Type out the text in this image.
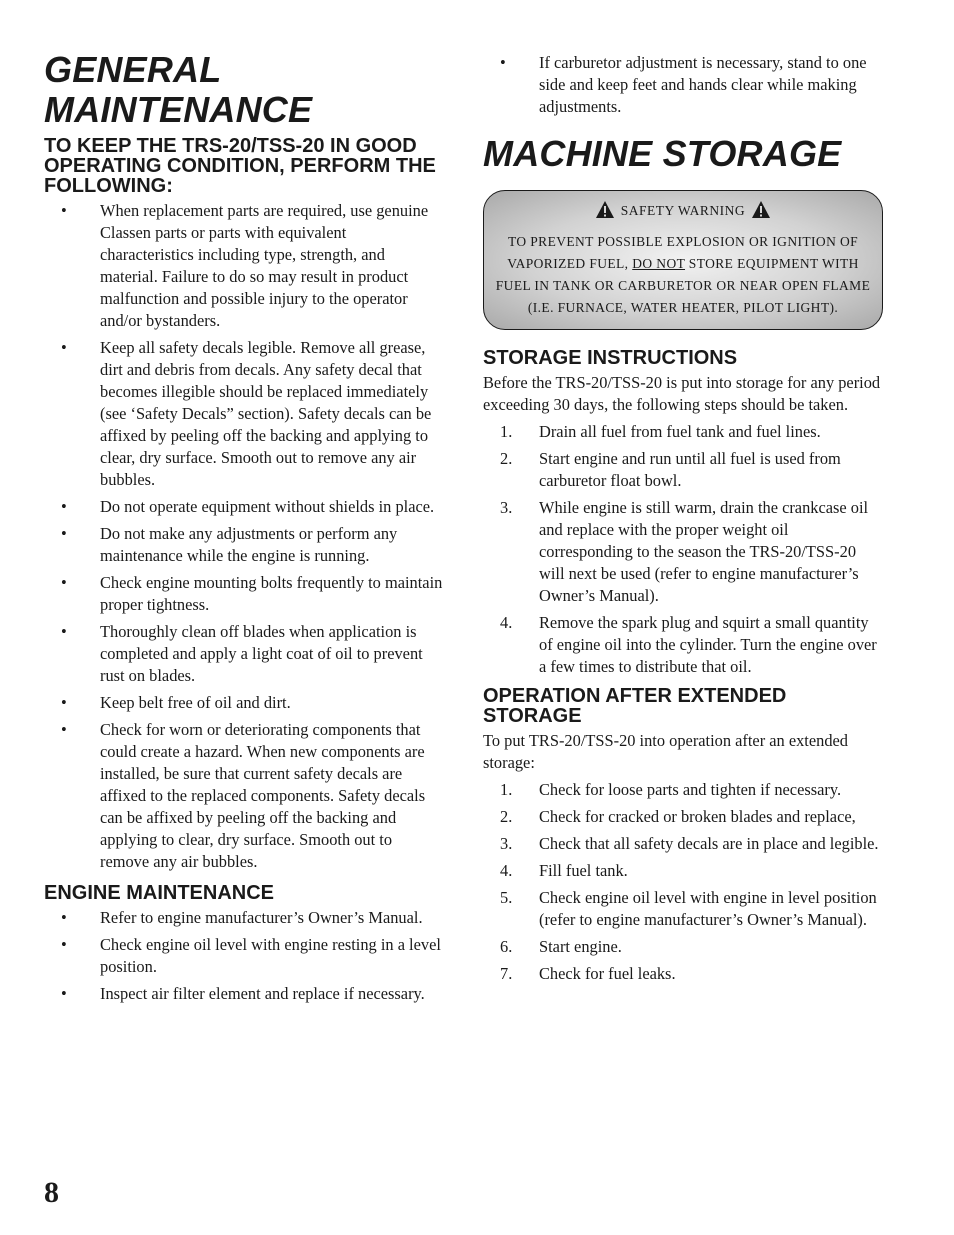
GENERAL
MAINTENANCE
TO KEEP THE TRS-20/TSS-20 IN GOOD OPERATING CONDITION, PERFORM THE FOLLOWING:
• When replacement parts are required, use genuine Classen parts or parts with equivalent characteristics including type, strength, and material. Failure to do so may result in product malfunction and possible injury to the operator and/or bystanders.
• Keep all safety decals legible. Remove all grease, dirt and debris from decals. Any safety decal that becomes illegible should be replaced immediately (see ‘Safety Decals” section). Safety decals can be affixed by peeling off the backing and applying to clear, dry surface. Smooth out to remove any air bubbles.
• Do not operate equipment without shields in place.
• Do not make any adjustments or perform any maintenance while the engine is running.
• Check engine mounting bolts frequently to maintain proper tightness.
• Thoroughly clean off blades when application is completed and apply a light coat of oil to prevent rust on blades.
• Keep belt free of oil and dirt.
• Check for worn or deteriorating components that could create a hazard. When new components are installed, be sure that current safety decals are affixed to the replaced components. Safety decals can be affixed by peeling off the backing and applying to clear, dry surface. Smooth out to remove any air bubbles.
ENGINE MAINTENANCE
• Refer to engine manufacturer’s Owner’s Manual.
• Check engine oil level with engine resting in a level position.
• Inspect air filter element and replace if necessary.
• If carburetor adjustment is necessary, stand to one side and keep feet and hands clear while making adjustments.
MACHINE STORAGE
SAFETY WARNING
TO PREVENT POSSIBLE EXPLOSION OR IGNITION OF VAPORIZED FUEL, DO NOT STORE EQUIPMENT WITH FUEL IN TANK OR CARBURETOR OR NEAR OPEN FLAME (I.E. FURNACE, WATER HEATER, PILOT LIGHT).
STORAGE INSTRUCTIONS

Before the TRS-20/TSS-20 is put into storage for any period exceeding 30 days, the following steps should be taken.

1. Drain all fuel from fuel tank and fuel lines.
2. Start engine and run until all fuel is used from carburetor float bowl.
3. While engine is still warm, drain the crankcase oil and replace with the proper weight oil corresponding to the season the TRS-20/TSS-20 will next be used (refer to engine manufacturer’s Owner’s Manual).
4. Remove the spark plug and squirt a small quantity of engine oil into the cylinder. Turn the engine over a few times to distribute that oil.
OPERATION AFTER EXTENDED STORAGE

To put TRS-20/TSS-20 into operation after an extended storage:

1. Check for loose parts and tighten if necessary.
2. Check for cracked or broken blades and replace,
3. Check that all safety decals are in place and legible.
4. Fill fuel tank.
5. Check engine oil level with engine in level position (refer to engine manufacturer’s Owner’s Manual).
6. Start engine.
7. Check for fuel leaks.
8
